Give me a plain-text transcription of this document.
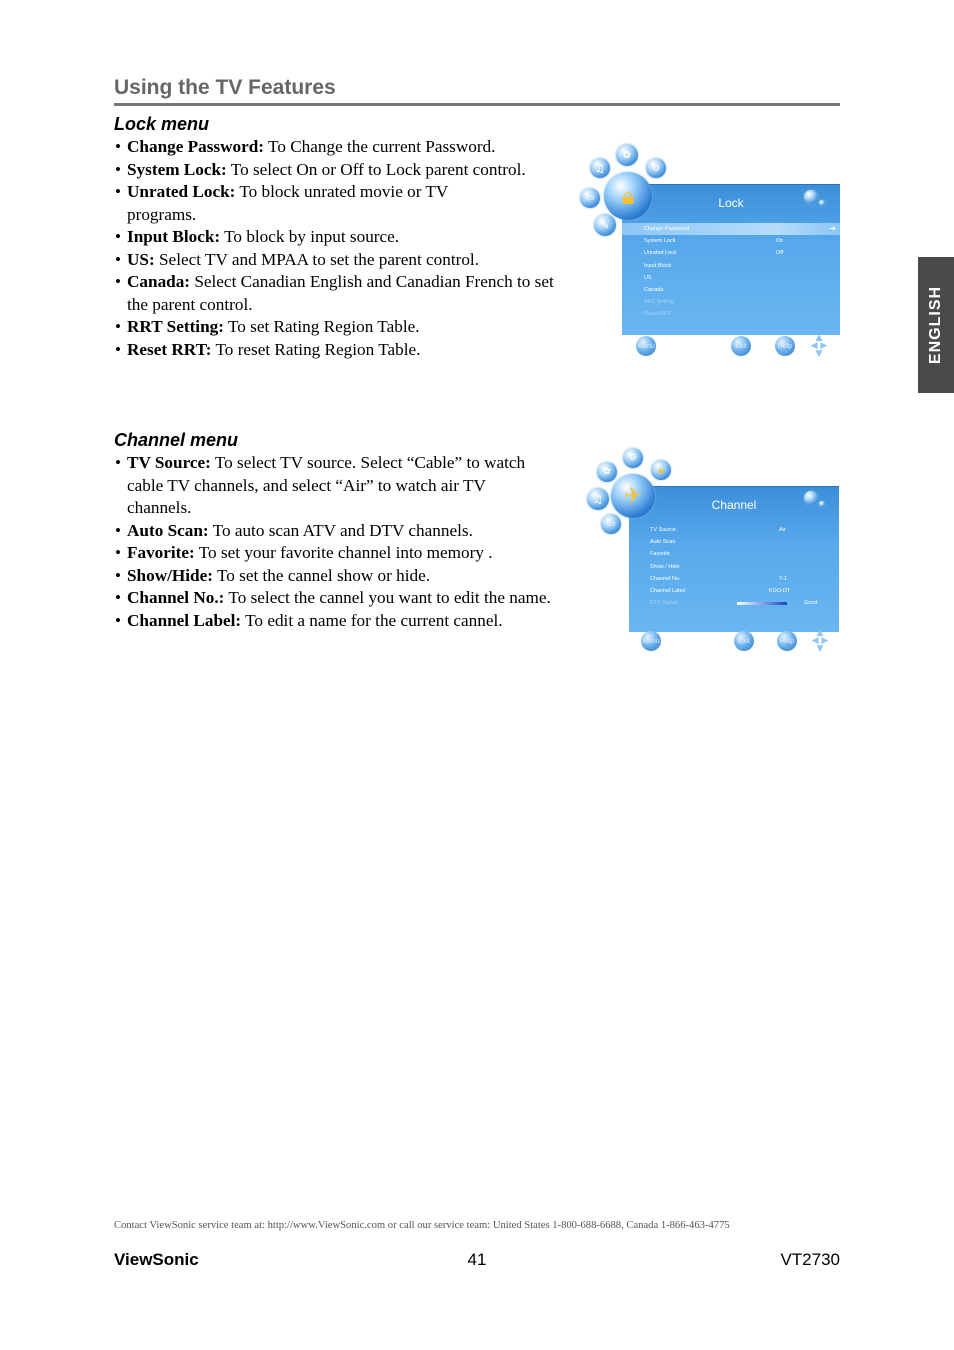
Using the TV Features
ENGLISH
Lock menu
• Change Password: To Change the current Password.
• System Lock: To select On or Off to Lock parent control.
• Unrated Lock: To block unrated movie or TV programs.
• Input Block: To block by input source.
• US: Select TV and MPAA to set the parent control.
• Canada: Select Canadian English and Canadian French to set the parent control.
• RRT Setting: To set Rating Region Table.
• Reset RRT: To reset Rating Region Table.
Lock
Change Password	➔
System Lock	On
Unrated Lock	Off
Input Block
US
Canada
RRT Setting
Reset RRT
♫
✿
⚙
▭	🔒︎
✎
Menu	Exit	Help
▲
◀ ▶
▼
Channel menu
• TV Source: To select TV source. Select “Cable” to watch cable TV channels, and select “Air” to watch air TV channels.
• Auto Scan: To auto scan ATV and DTV channels.
• Favorite: To set your favorite channel into memory .
• Show/Hide: To set the cannel show or hide.
• Channel No.: To select the cannel you want to edit the name.
• Channel Label: To edit a name for the current cannel.
Channel
TV Source	Air
Auto Scan
Favorite
Show / Hide
Channel No.	7-1
Channel Label	KGO-DT
DTV Signal	Good
✿
⚙
🔒︎
♫ ✈
▭
Menu	Exit	Help
▲
◀ ▶
▼
Contact ViewSonic service team at: http://www.ViewSonic.com or call our service team: United States 1-800-688-6688, Canada 1-866-463-4775
ViewSonic	41	VT2730
